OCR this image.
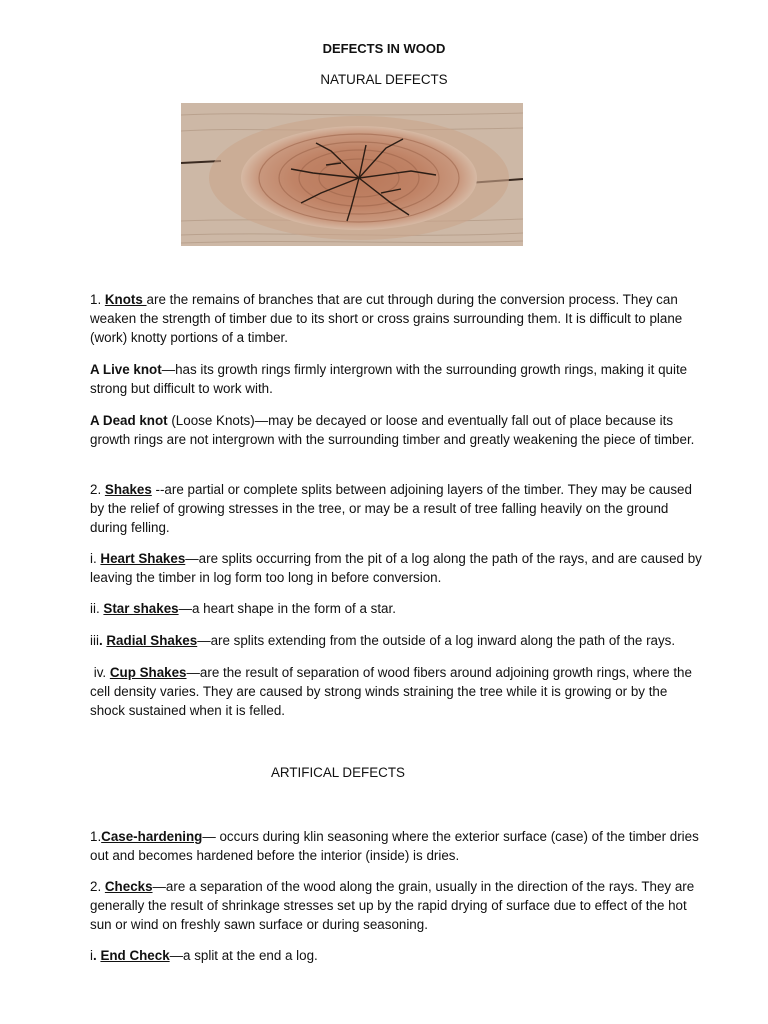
DEFECTS IN WOOD
NATURAL DEFECTS

1. Knots are the remains of branches that are cut through during the conversion process. They can weaken the strength of timber due to its short or cross grains surrounding them. It is difficult to plane (work) knotty portions of a timber.

A Live knot—has its growth rings firmly intergrown with the surrounding growth rings, making it quite strong but difficult to work with.

A Dead knot (Loose Knots)—may be decayed or loose and eventually fall out of place because its growth rings are not intergrown with the surrounding timber and greatly weakening the piece of timber.

2. Shakes --are partial or complete splits between adjoining layers of the timber. They may be caused by the relief of growing stresses in the tree, or may be a result of tree falling heavily on the ground during felling.

i. Heart Shakes—are splits occurring from the pit of a log along the path of the rays, and are caused by leaving the timber in log form too long in before conversion.

ii. Star shakes—a heart shape in the form of a star.

iii. Radial Shakes—are splits extending from the outside of a log inward along the path of the rays.

iv. Cup Shakes—are the result of separation of wood fibers around adjoining growth rings, where the cell density varies. They are caused by strong winds straining the tree while it is growing or by the shock sustained when it is felled.

ARTIFICAL DEFECTS

1.Case-hardening— occurs during klin seasoning where the exterior surface (case) of the timber dries out and becomes hardened before the interior (inside) is dries.

2. Checks—are a separation of the wood along the grain, usually in the direction of the rays. They are generally the result of shrinkage stresses set up by the rapid drying of surface due to effect of the hot sun or wind on freshly sawn surface or during seasoning.

i. End Check—a split at the end a log.
